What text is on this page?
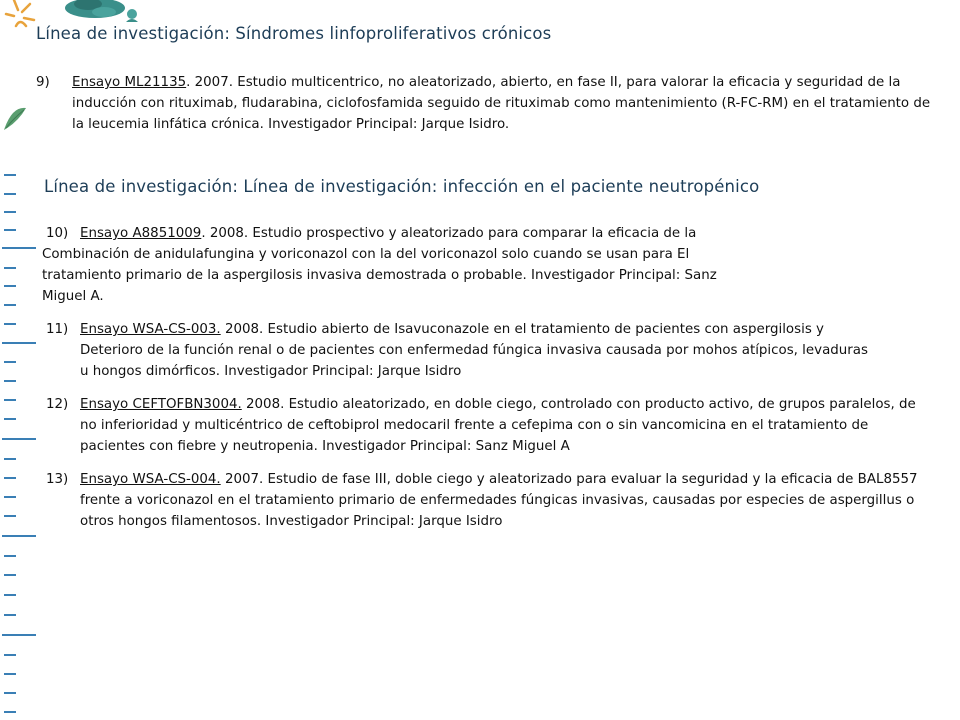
Línea de investigación: Síndromes linfoproliferativos crónicos

9)	Ensayo ML21135. 2007. Estudio multicentrico, no aleatorizado, abierto, en fase II, para valorar la eficacia y seguridad de la inducción con rituximab, fludarabina, ciclofosfamida seguido de rituximab como mantenimiento (R-FC-RM) en el tratamiento de la leucemia linfática crónica. Investigador Principal: Jarque Isidro.

Línea de investigación: Línea de investigación: infección en el paciente neutropénico

10) Ensayo A8851009. 2008. Estudio prospectivo y aleatorizado para comparar la eficacia de la
Combinación de anidulafungina y voriconazol con la del voriconazol solo cuando se usan para El tratamiento primario de la aspergilosis invasiva demostrada o probable. Investigador Principal: Sanz Miguel A.

11) Ensayo WSA-CS-003. 2008. Estudio abierto de Isavuconazole en el tratamiento de pacientes con aspergilosis y Deterioro de la función renal o de pacientes con enfermedad fúngica invasiva causada por mohos atípicos, levaduras u hongos dimórficos. Investigador Principal: Jarque Isidro

12) Ensayo CEFTOFBN3004. 2008. Estudio aleatorizado, en doble ciego, controlado con producto activo, de grupos paralelos, de no inferioridad y multicéntrico de ceftobiprol medocaril frente a cefepima con o sin vancomicina en el tratamiento de pacientes con fiebre y neutropenia. Investigador Principal: Sanz Miguel A

13) Ensayo WSA-CS-004. 2007. Estudio de fase III, doble ciego y aleatorizado para evaluar la seguridad y la eficacia de BAL8557 frente a voriconazol en el tratamiento primario de enfermedades fúngicas invasivas, causadas por especies de aspergillus o otros hongos filamentosos. Investigador Principal: Jarque Isidro
